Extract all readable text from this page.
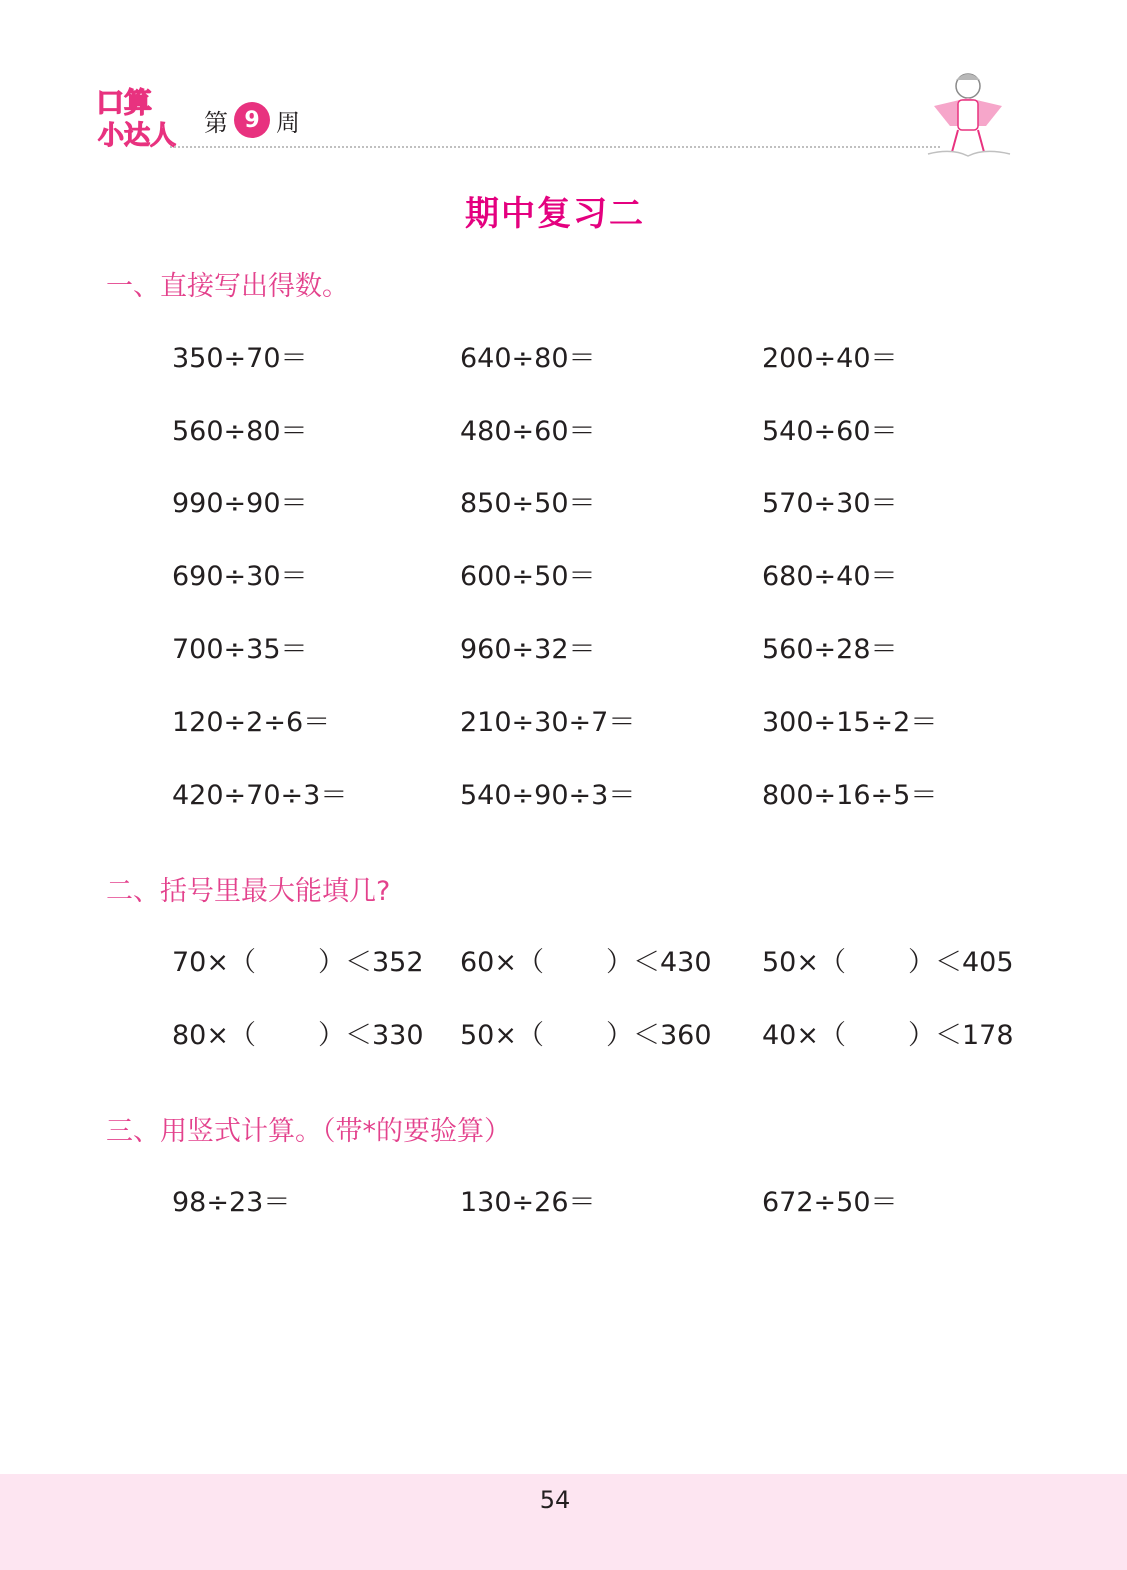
口算
小达人 第 9 周
期中复习二
一、直接写出得数。
350÷70＝	640÷80＝	200÷40＝
560÷80＝	480÷60＝	540÷60＝
990÷90＝	850÷50＝	570÷30＝
690÷30＝	600÷50＝	680÷40＝
700÷35＝	960÷32＝	560÷28＝
120÷2÷6＝	210÷30÷7＝	300÷15÷2＝
420÷70÷3＝	540÷90÷3＝	800÷16÷5＝
二、括号里最大能填几?
70×（ ）＜352 60×（ ）＜430 50×（ ）＜405
80×（ ）＜330 50×（ ）＜360 40×（ ）＜178
三、用竖式计算。（带*的要验算）
98÷23＝	130÷26＝	672÷50＝
54
